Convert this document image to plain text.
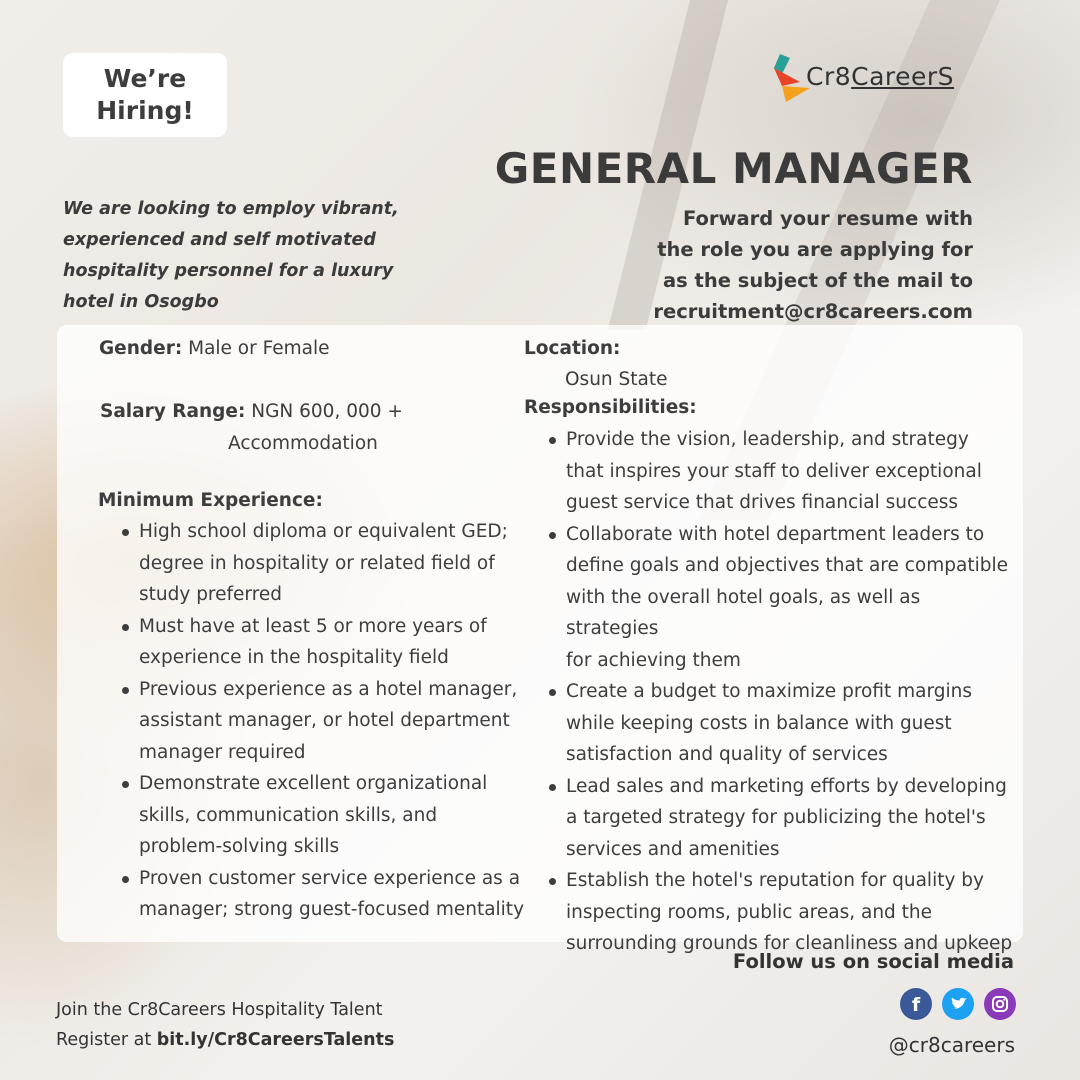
We’re
Hiring!
Cr8CareerS
GENERAL MANAGER
Forward your resume with
the role you are applying for
as the subject of the mail to
recruitment@cr8careers.com
We are looking to employ vibrant,
experienced and self motivated
hospitality personnel for a luxury
hotel in Osogbo
Gender: Male or Female
Salary Range: NGN 600, 000 +
Accommodation
Minimum Experience:
High school diploma or equivalent GED;
degree in hospitality or related field of
study preferred
Must have at least 5 or more years of
experience in the hospitality field
Previous experience as a hotel manager,
assistant manager, or hotel department
manager required
Demonstrate excellent organizational
skills, communication skills, and
problem-solving skills
Proven customer service experience as a
manager; strong guest-focused mentality
Location:
Osun State
Responsibilities:
Provide the vision, leadership, and strategy
that inspires your staff to deliver exceptional
guest service that drives financial success
Collaborate with hotel department leaders to
define goals and objectives that are compatible
with the overall hotel goals, as well as strategies
for achieving them
Create a budget to maximize profit margins
while keeping costs in balance with guest
satisfaction and quality of services
Lead sales and marketing efforts by developing
a targeted strategy for publicizing the hotel's
services and amenities
Establish the hotel's reputation for quality by
inspecting rooms, public areas, and the
surrounding grounds for cleanliness and upkeep
Follow us on social media
f
@cr8careers
Join the Cr8Careers Hospitality Talent
Register at bit.ly/Cr8CareersTalents
